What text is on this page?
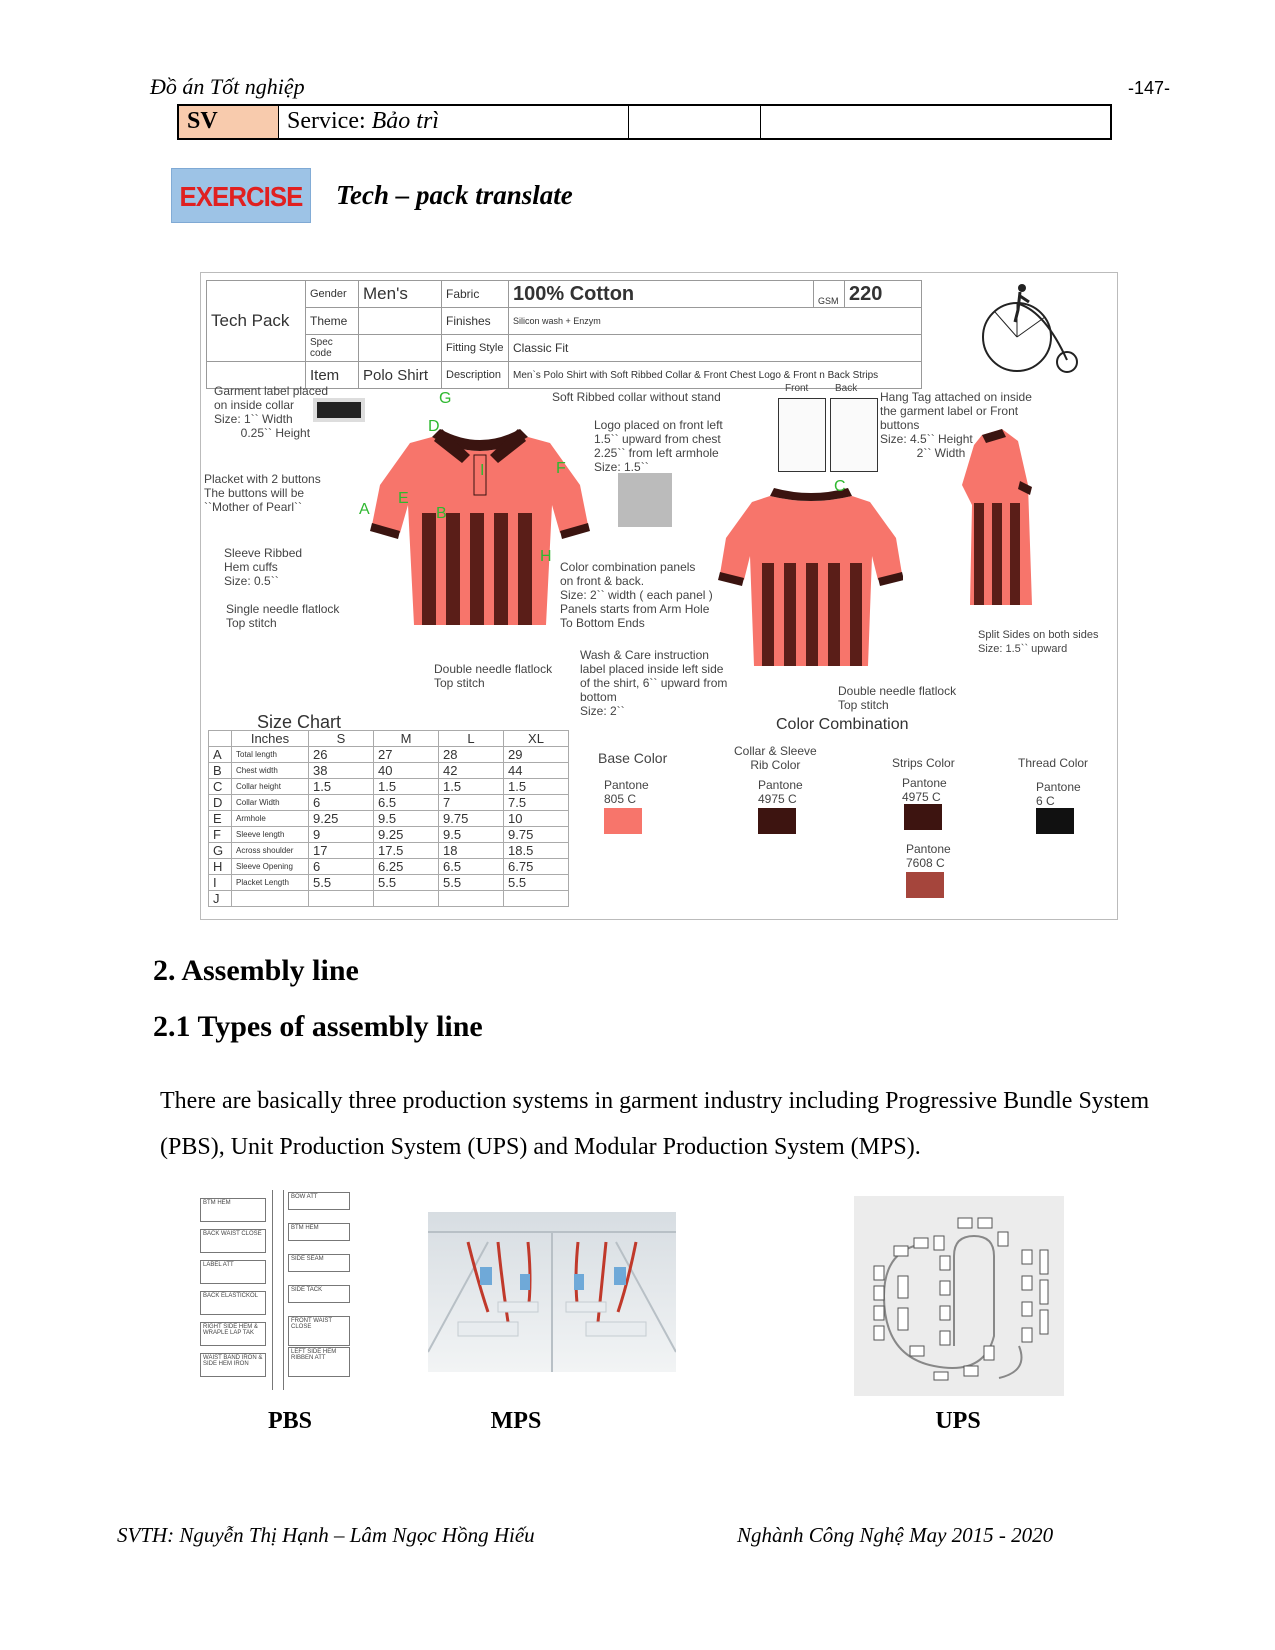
Đồ án Tốt nghiệp	-147-
SV	Service: Bảo trì
EXERCISE	Tech – pack translate
Tech Pack	Gender	Men's	Fabric	100% Cotton	GSM	220
	Theme		Finishes	Silicon wash + Enzym		
	Spec code		Fitting Style	Classic Fit		
	Item	Polo Shirt	Description	Men`s Polo Shirt with Soft Ribbed Collar & Front Chest Logo & Front n Back Strips		
Garment label placed
on inside collar
Size: 1`` Width
0.25`` Height
Soft Ribbed collar without stand
Logo placed on front left
1.5`` upward from chest
2.25`` from left armhole
Size: 1.5``
Placket with 2 buttons
The buttons will be
``Mother of Pearl``
Sleeve Ribbed
Hem cuffs
Size: 0.5``
Single needle flatlock
Top stitch
Color combination panels
on front & back.
Size: 2`` width ( each panel )
Panels starts from Arm Hole
To Bottom Ends
Double needle flatlock
Top stitch
Wash & Care instruction
label placed inside left side
of the shirt, 6`` upward from
bottom
Size: 2``
Double needle flatlock
Top stitch
Hang Tag attached on inside
the garment label or Front
buttons
Size: 4.5`` Height
2`` Width
Front	Back
Split Sides on both sides
Size: 1.5`` upward
G
D
I	F
E
A	B
H
C
Size Chart
	Inches	S	M	L	XL
A	Total length	26	27	28	29
B	Chest width	38	40	42	44
C	Collar height	1.5	1.5	1.5	1.5
D	Collar Width	6	6.5	7	7.5
E	Armhole	9.25	9.5	9.75	10
F	Sleeve length	9	9.25	9.5	9.75
G	Across shoulder	17	17.5	18	18.5
H	Sleeve Opening	6	6.25	6.5	6.75
I	Placket Length	5.5	5.5	5.5	5.5
J					
Color Combination
Base Color
Pantone
805 C
Collar & Sleeve
Rib Color
Pantone
4975 C
Strips Color
Pantone
4975 C
Pantone
7608 C
Thread Color
Pantone
6 C
2. Assembly line
2.1 Types of assembly line
There are basically three production systems in garment industry including Progressive Bundle System (PBS), Unit Production System (UPS) and Modular Production System (MPS).
BTM HEM
BACK WAIST CLOSE
LABEL ATT
BACK ELASTICKOL
RIGHT SIDE HEM & WRAPLE LAP TAK
WAIST BAND IRON & SIDE HEM IRON
BOW ATT
BTM HEM
SIDE SEAM
SIDE TACK
FRONT WAIST CLOSE
LEFT SIDE HEM RIBBEN ATT
PBS	MPS	UPS
SVTH: Nguyễn Thị Hạnh – Lâm Ngọc Hồng Hiếu	Nghành Công Nghệ May 2015 - 2020
